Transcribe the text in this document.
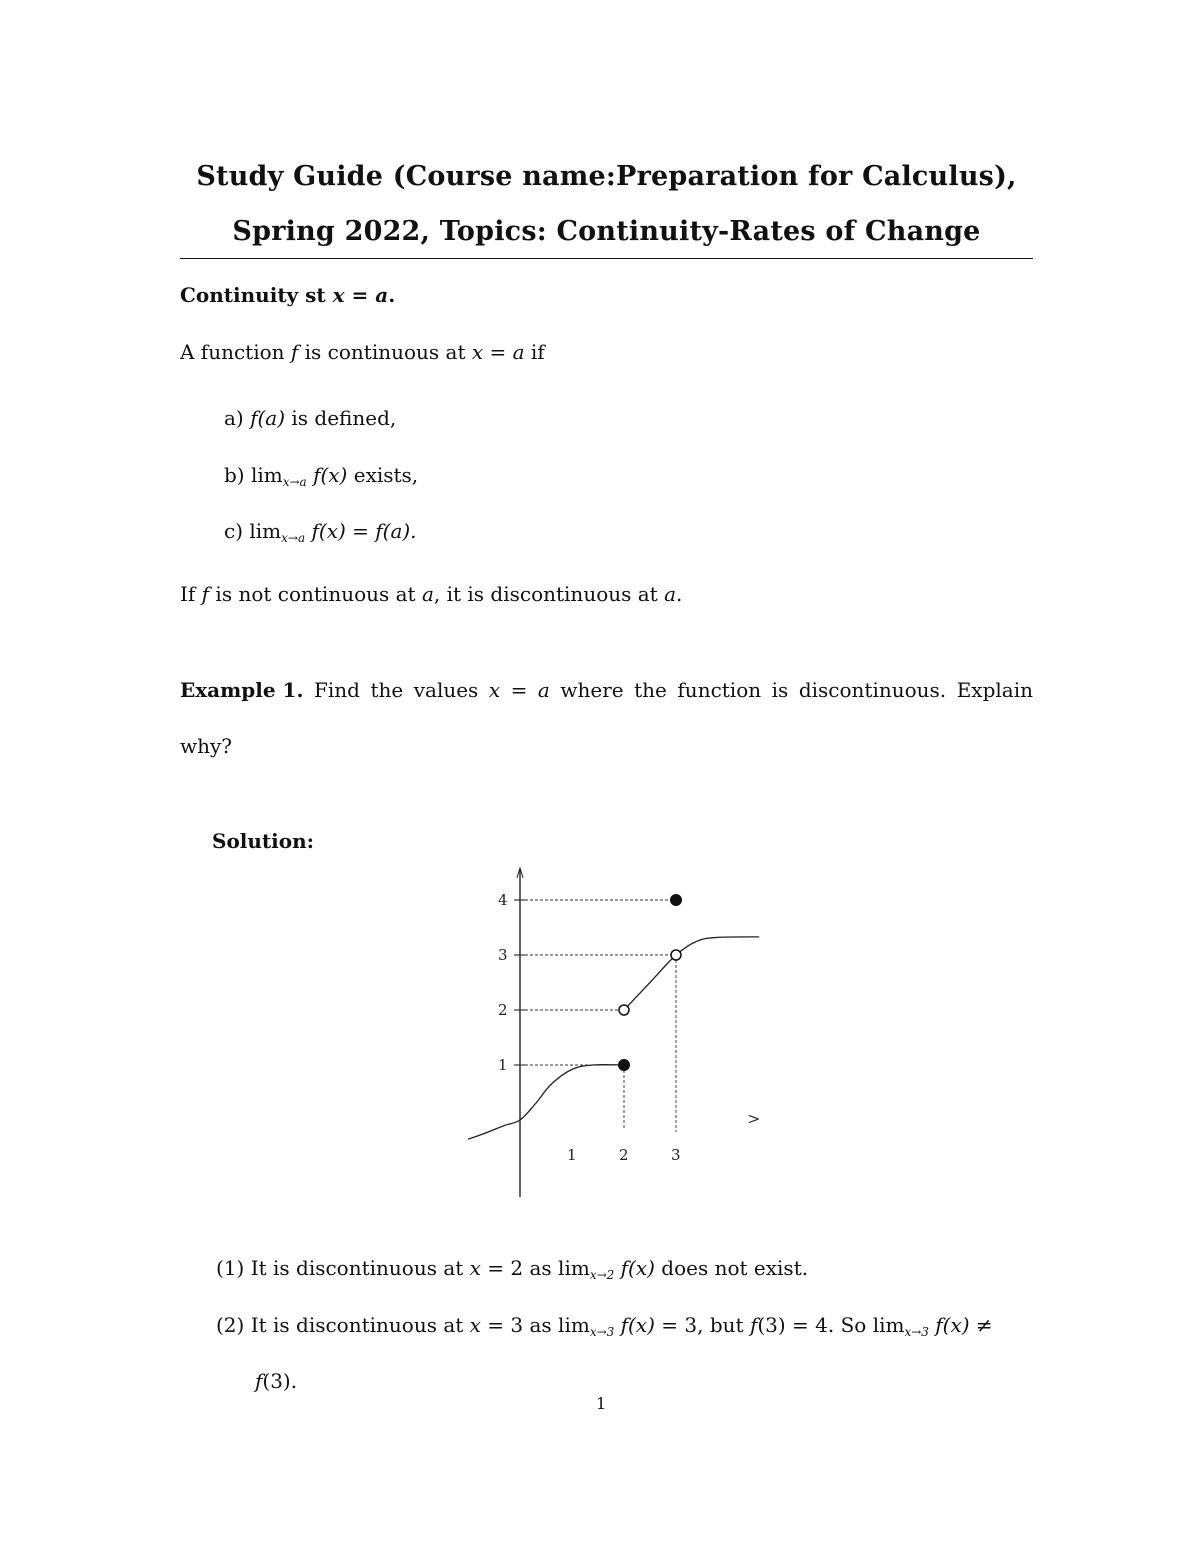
Study Guide (Course name:Preparation for Calculus),
Spring 2022, Topics: Continuity-Rates of Change
Continuity st x = a.
A function f is continuous at x = a if
a) f(a) is defined,
b) $\lim_{x\to a} f(x)$ exists,
c) $\lim_{x\to a} f(x) = f(a)$.
If f is not continuous at a, it is discontinuous at a.
Example 1. Find the values x = a where the function is discontinuous. Explain
why?
Solution:
>
1
2
3
4
1	2	3
(1) It is discontinuous at x = 2 as $\lim_{x\to 2} f(x)$ does not exist.
(2) It is discontinuous at x = 3 as $\lim_{x\to 3} f(x) = 3$, but f(3) = 4. So $\lim_{x\to 3} f(x)$ ≠
f(3).
1
